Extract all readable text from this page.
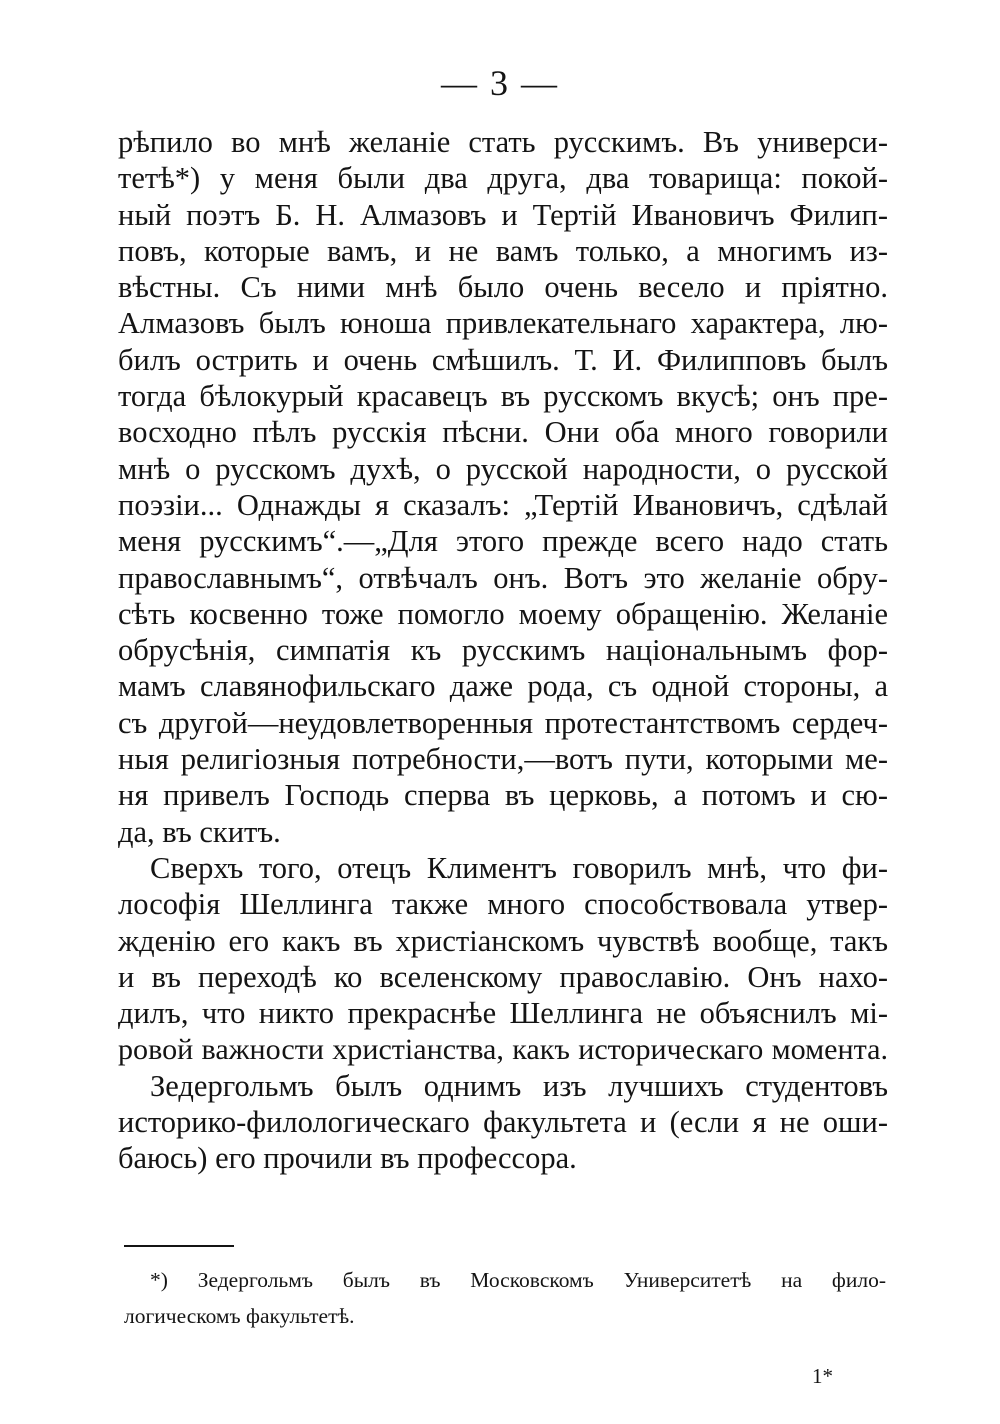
— 3 —
рѣпило во мнѣ желаніе стать русскимъ. Въ универси-
тетѣ*) у меня были два друга, два товарища: покой-
ный поэтъ Б. Н. Алмазовъ и Тертій Ивановичъ Филип-
повъ, которые вамъ, и не вамъ только, а многимъ из-
вѣстны. Съ ними мнѣ было очень весело и пріятно.
Алмазовъ былъ юноша привлекательнаго характера, лю-
билъ острить и очень смѣшилъ. Т. И. Филипповъ былъ
тогда бѣлокурый красавецъ въ русскомъ вкусѣ; онъ пре-
восходно пѣлъ русскія пѣсни. Они оба много говорили
мнѣ о русскомъ духѣ, о русской народности, о русской
поэзіи... Однажды я сказалъ: „Тертій Ивановичъ, сдѣлай
меня русскимъ“.—„Для этого прежде всего надо стать
православнымъ“, отвѣчалъ онъ. Вотъ это желаніе обру-
сѣть косвенно тоже помогло моему обращенію. Желаніе
обрусѣнія, симпатія къ русскимъ національнымъ фор-
мамъ славянофильскаго даже рода, съ одной стороны, а
съ другой—неудовлетворенныя протестантствомъ сердеч-
ныя религіозныя потребности,—вотъ пути, которыми ме-
ня привелъ Господь сперва въ церковь, а потомъ и сю-
да, въ скитъ.
Сверхъ того, отецъ Климентъ говорилъ мнѣ, что фи-
лософія Шеллинга также много способствовала утвер-
жденію его какъ въ христіанскомъ чувствѣ вообще, такъ
и въ переходѣ ко вселенскому православію. Онъ нахо-
дилъ, что никто прекраснѣе Шеллинга не объяснилъ мі-
ровой важности христіанства, какъ историческаго момента.
Зедергольмъ былъ однимъ изъ лучшихъ студентовъ
историко-филологическаго факультета и (если я не оши-
баюсь) его прочили въ профессора.
*) Зедергольмъ былъ въ Московскомъ Университетѣ на фило-
логическомъ факультетѣ.
1*
